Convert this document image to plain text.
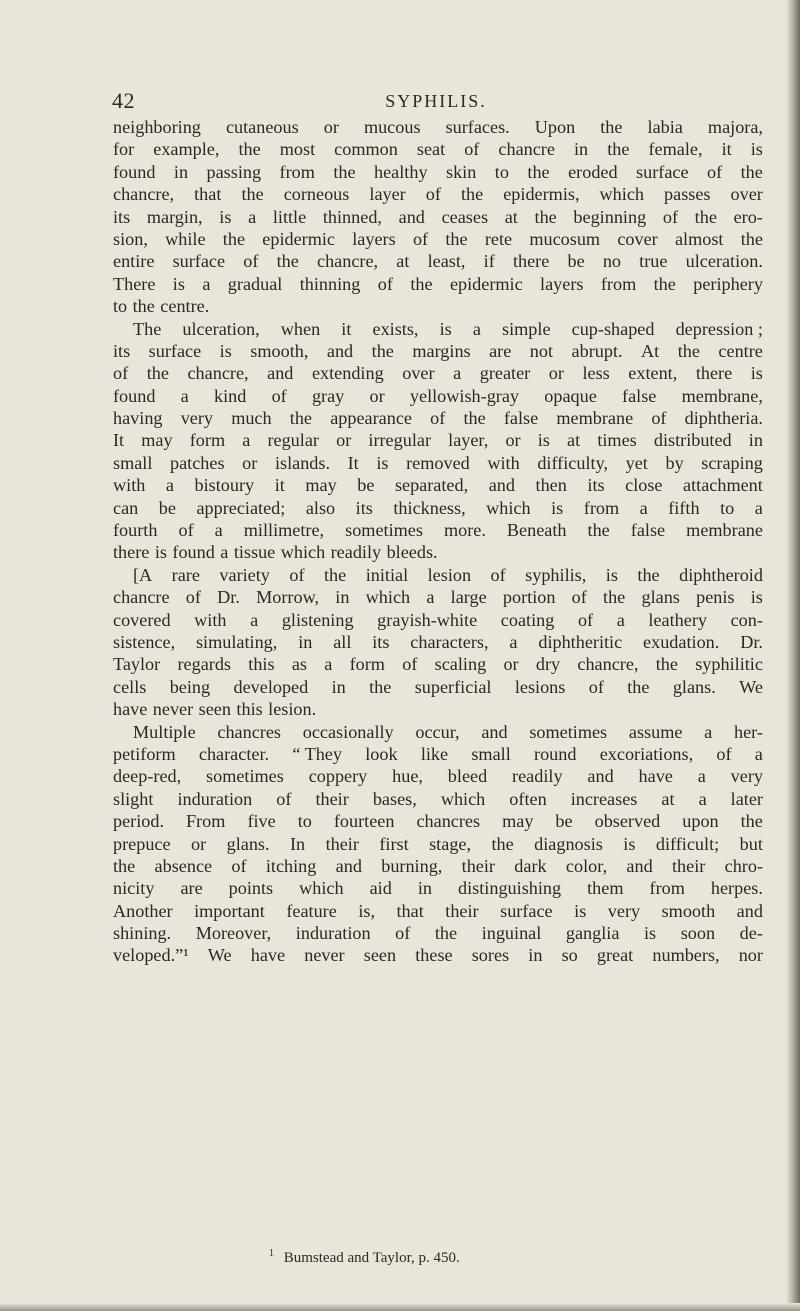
42	SYPHILIS.
neighboring cutaneous or mucous surfaces. Upon the labia majora,
for example, the most common seat of chancre in the female, it is
found in passing from the healthy skin to the eroded surface of the
chancre, that the corneous layer of the epidermis, which passes over
its margin, is a little thinned, and ceases at the beginning of the ero-
sion, while the epidermic layers of the rete mucosum cover almost the
entire surface of the chancre, at least, if there be no true ulceration.
There is a gradual thinning of the epidermic layers from the periphery
to the centre.
The ulceration, when it exists, is a simple cup-shaped depression ;
its surface is smooth, and the margins are not abrupt. At the centre
of the chancre, and extending over a greater or less extent, there is
found a kind of gray or yellowish-gray opaque false membrane,
having very much the appearance of the false membrane of diphtheria.
It may form a regular or irregular layer, or is at times distributed in
small patches or islands. It is removed with difficulty, yet by scraping
with a bistoury it may be separated, and then its close attachment
can be appreciated; also its thickness, which is from a fifth to a
fourth of a millimetre, sometimes more. Beneath the false membrane
there is found a tissue which readily bleeds.
[A rare variety of the initial lesion of syphilis, is the diphtheroid
chancre of Dr. Morrow, in which a large portion of the glans penis is
covered with a glistening grayish-white coating of a leathery con-
sistence, simulating, in all its characters, a diphtheritic exudation. Dr.
Taylor regards this as a form of scaling or dry chancre, the syphilitic
cells being developed in the superficial lesions of the glans. We
have never seen this lesion.
Multiple chancres occasionally occur, and sometimes assume a her-
petiform character. “ They look like small round excoriations, of a
deep-red, sometimes coppery hue, bleed readily and have a very
slight induration of their bases, which often increases at a later
period. From five to fourteen chancres may be observed upon the
prepuce or glans. In their first stage, the diagnosis is difficult; but
the absence of itching and burning, their dark color, and their chro-
nicity are points which aid in distinguishing them from herpes.
Another important feature is, that their surface is very smooth and
shining. Moreover, induration of the inguinal ganglia is soon de-
veloped.”¹ We have never seen these sores in so great numbers, nor
$^1$ Bumstead and Taylor, p. 450.
